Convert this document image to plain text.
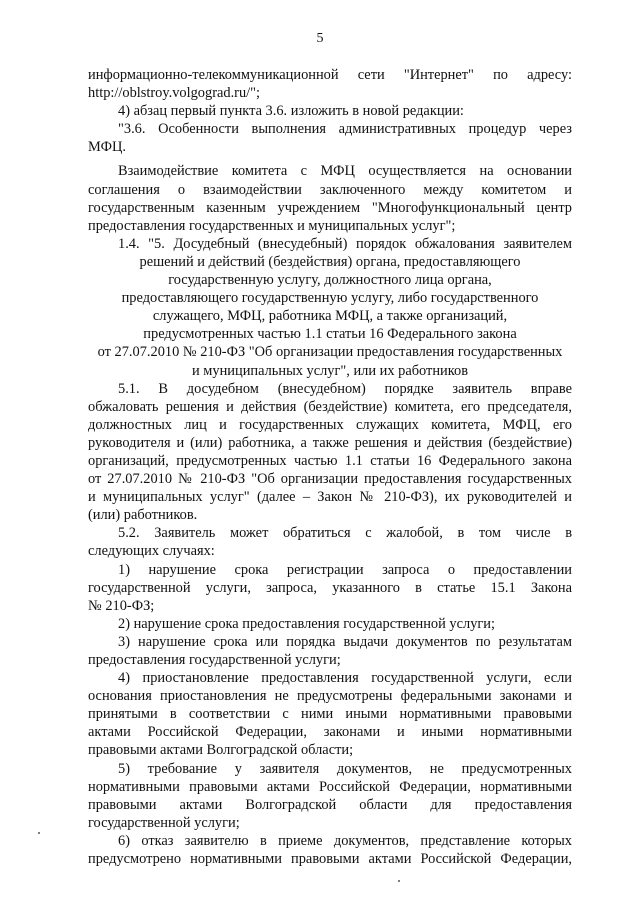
5

информационно-телекоммуникационной сети "Интернет" по адресу:

http://oblstroy.volgograd.ru/";

4) абзац первый пункта 3.6. изложить в новой редакции:

"3.6. Особенности выполнения административных процедур через

МФЦ.

Взаимодействие комитета с МФЦ осуществляется на основании

соглашения о взаимодействии заключенного между комитетом и

государственным казенным учреждением "Многофункциональный центр

предоставления государственных и муниципальных услуг";

1.4. "5. Досудебный (внесудебный) порядок обжалования заявителем

решений и действий (бездействия) органа, предоставляющего

государственную услугу, должностного лица органа,

предоставляющего государственную услугу, либо государственного

служащего, МФЦ, работника МФЦ, а также организаций,

предусмотренных частью 1.1 статьи 16 Федерального закона

от 27.07.2010 № 210-ФЗ "Об организации предоставления государственных

и муниципальных услуг", или их работников

5.1. В досудебном (внесудебном) порядке заявитель вправе

обжаловать решения и действия (бездействие) комитета, его председателя,

должностных лиц и государственных служащих комитета, МФЦ, его

руководителя и (или) работника, а также решения и действия (бездействие)

организаций, предусмотренных частью 1.1 статьи 16 Федерального закона

от 27.07.2010 № 210-ФЗ "Об организации предоставления государственных

и муниципальных услуг" (далее – Закон № 210-ФЗ), их руководителей и

(или) работников.

5.2. Заявитель может обратиться с жалобой, в том числе в

следующих случаях:

1) нарушение срока регистрации запроса о предоставлении

государственной услуги, запроса, указанного в статье 15.1 Закона

№ 210-ФЗ;

2) нарушение срока предоставления государственной услуги;

3) нарушение срока или порядка выдачи документов по результатам

предоставления государственной услуги;

4) приостановление предоставления государственной услуги, если

основания приостановления не предусмотрены федеральными законами и

принятыми в соответствии с ними иными нормативными правовыми

актами Российской Федерации, законами и иными нормативными

правовыми актами Волгоградской области;

5) требование у заявителя документов, не предусмотренных

нормативными правовыми актами Российской Федерации, нормативными

правовыми актами Волгоградской области для предоставления

государственной услуги;

6) отказ заявителю в приеме документов, представление которых

предусмотрено нормативными правовыми актами Российской Федерации,
